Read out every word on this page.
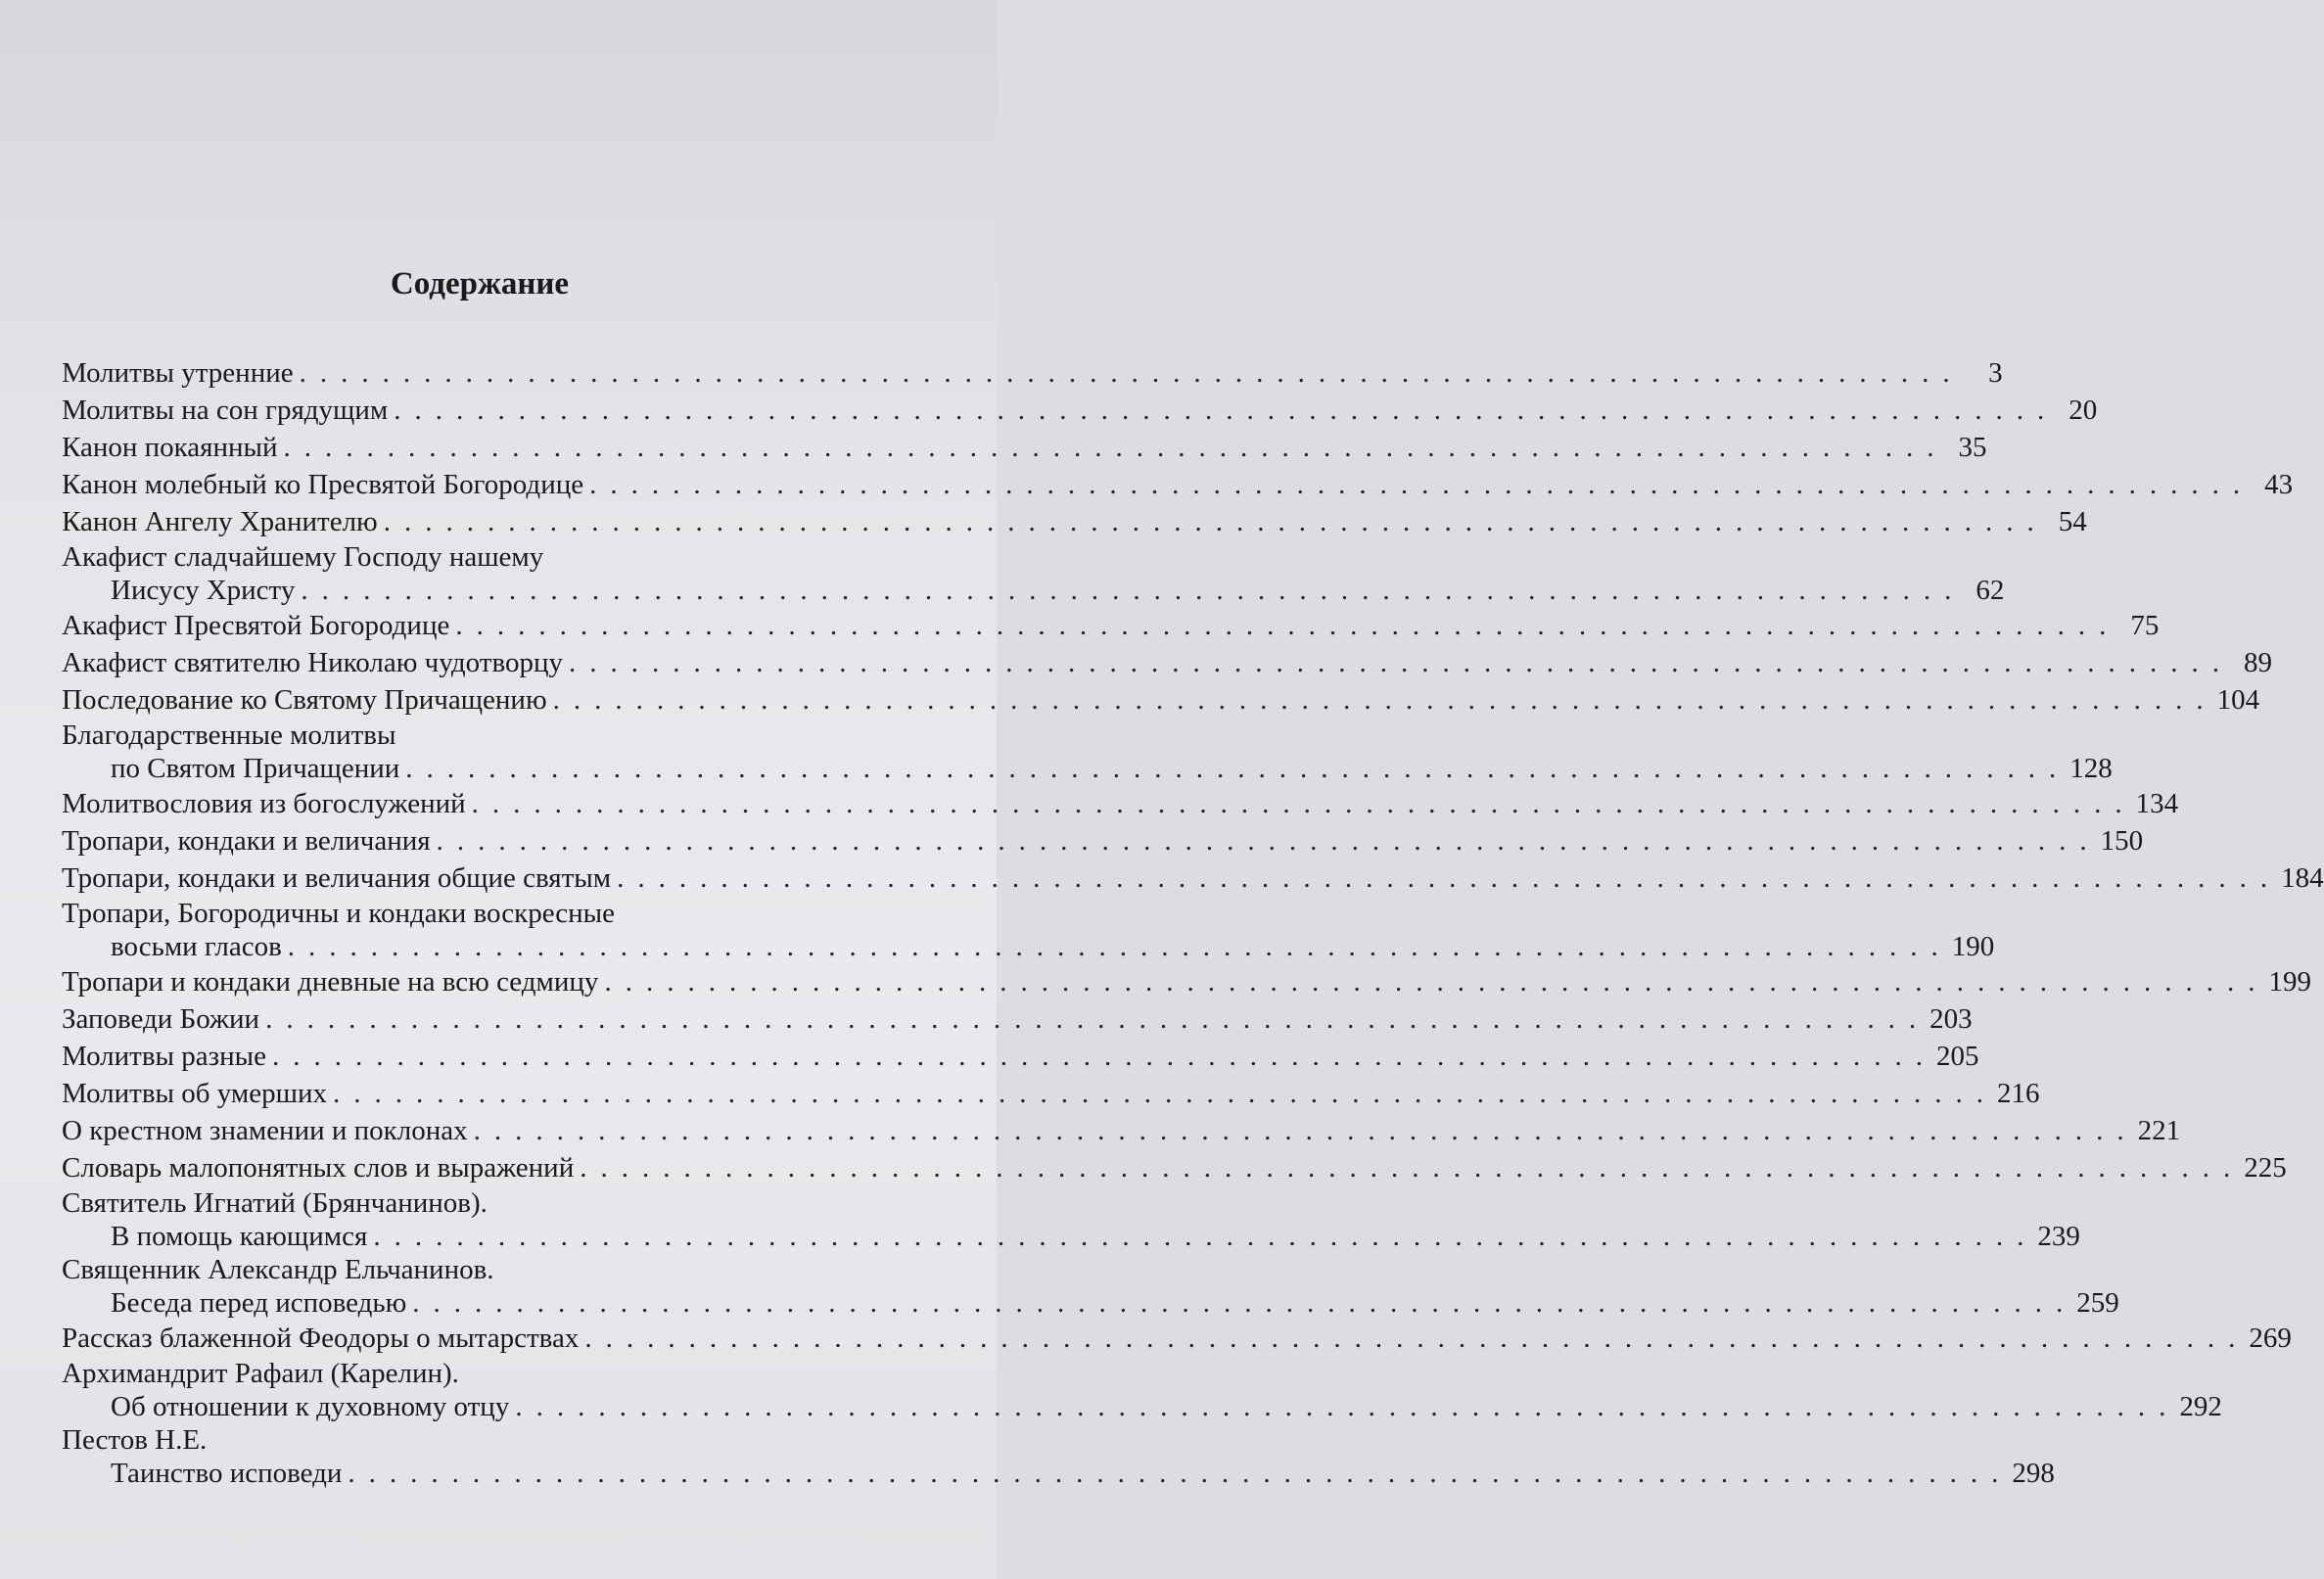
Содержание
Молитвы утренние ................................................................................ 3
Молитвы на сон грядущим ................................................................................ 20
Канон покаянный ................................................................................ 35
Канон молебный ко Пресвятой Богородице ................................................................................ 43
Канон Ангелу Хранителю ................................................................................ 54
Акафист сладчайшему Господу нашему
Иисусу Христу ................................................................................ 62
Акафист Пресвятой Богородице ................................................................................ 75
Акафист святителю Николаю чудотворцу ................................................................................ 89
Последование ко Святому Причащению ................................................................................ 104
Благодарственные молитвы
по Святом Причащении ................................................................................ 128
Молитвословия из богослужений ................................................................................ 134
Тропари, кондаки и величания ................................................................................ 150
Тропари, кондаки и величания общие святым ................................................................................ 184
Тропари, Богородичны и кондаки воскресные
восьми гласов ................................................................................ 190
Тропари и кондаки дневные на всю седмицу ................................................................................ 199
Заповеди Божии ................................................................................ 203
Молитвы разные ................................................................................ 205
Молитвы об умерших ................................................................................ 216
О крестном знамении и поклонах ................................................................................ 221
Словарь малопонятных слов и выражений ................................................................................ 225
Святитель Игнатий (Брянчанинов).
В помощь кающимся ................................................................................ 239
Священник Александр Ельчанинов.
Беседа перед исповедью ................................................................................ 259
Рассказ блаженной Феодоры о мытарствах ................................................................................ 269
Архимандрит Рафаил (Карелин).
Об отношении к духовному отцу ................................................................................ 292
Пестов Н.Е.
Таинство исповеди ................................................................................ 298
